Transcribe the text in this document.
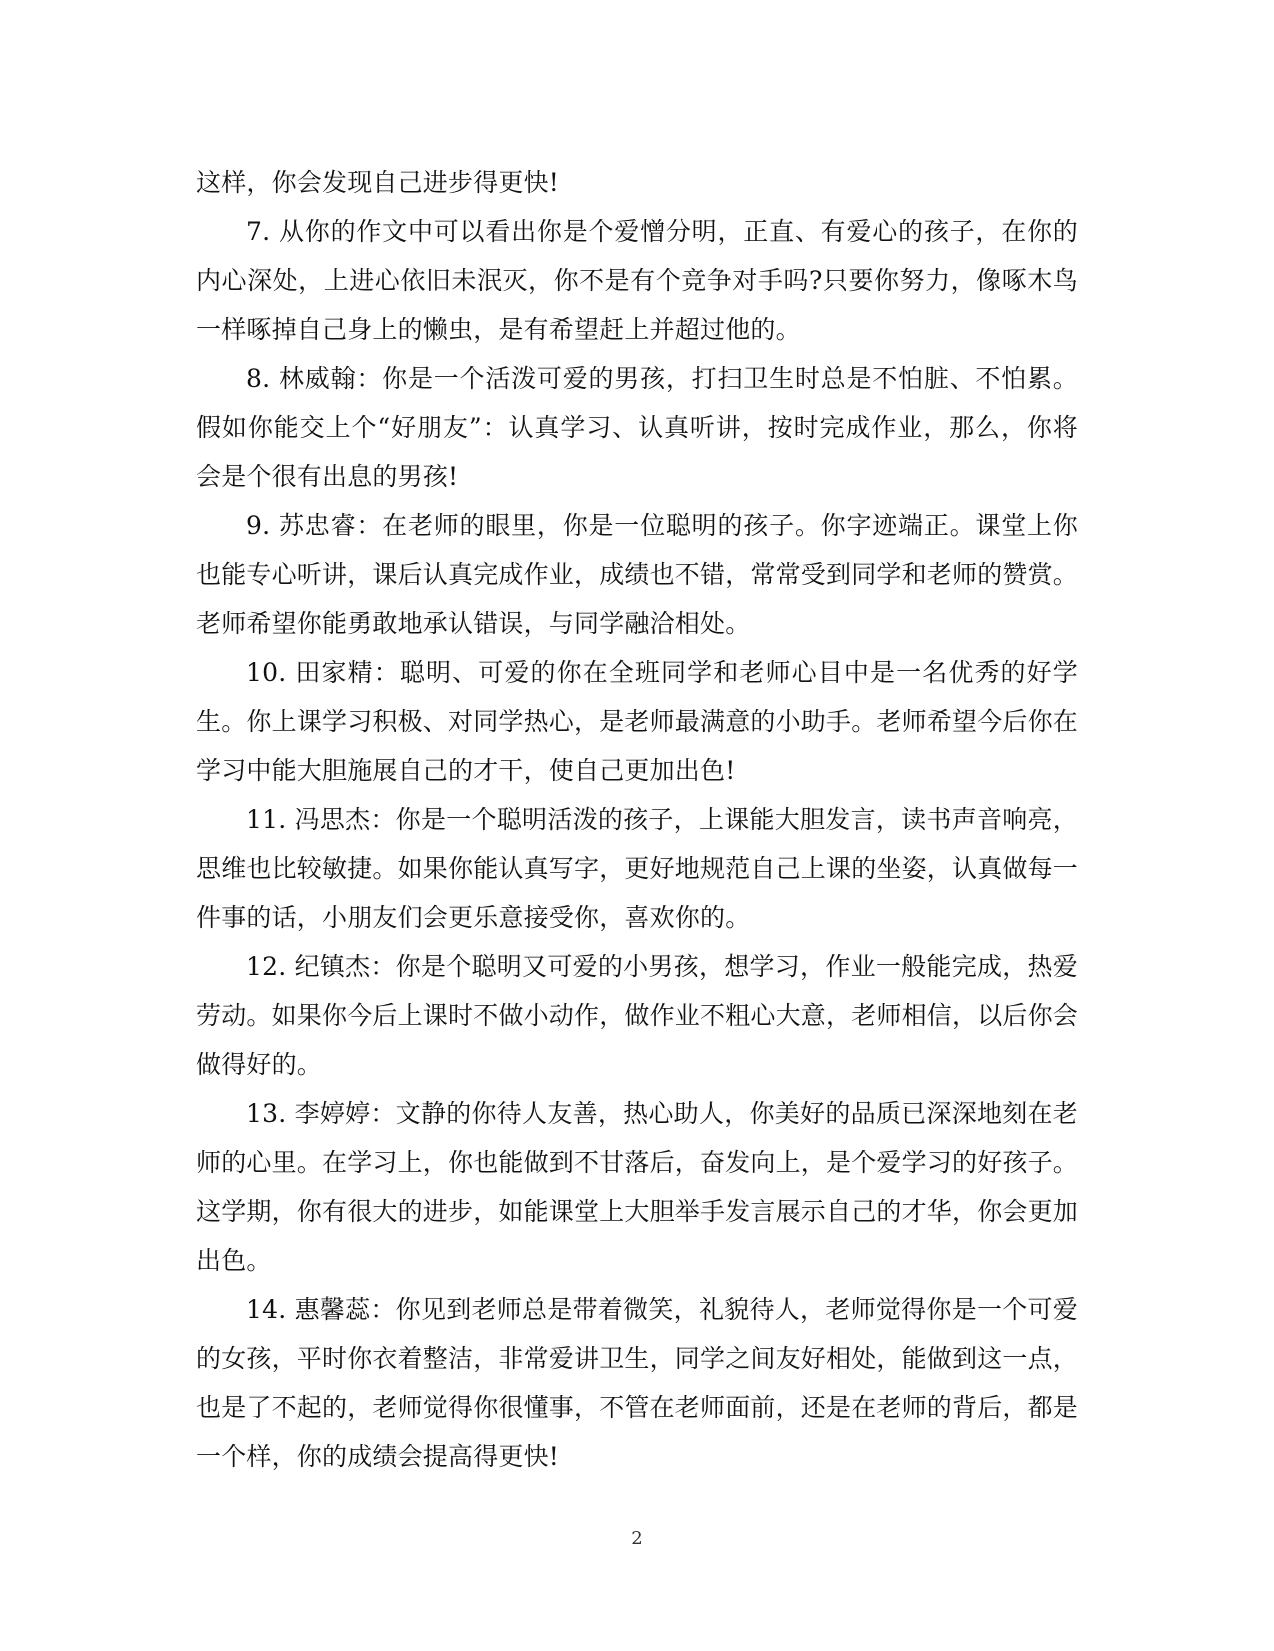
这样，你会发现自己进步得更快!

7. 从你的作文中可以看出你是个爱憎分明，正直、有爱心的孩子，在你的内心深处，上进心依旧未泯灭，你不是有个竞争对手吗?只要你努力，像啄木鸟一样啄掉自己身上的懒虫，是有希望赶上并超过他的。

8. 林威翰：你是一个活泼可爱的男孩，打扫卫生时总是不怕脏、不怕累。假如你能交上个“好朋友”：认真学习、认真听讲，按时完成作业，那么，你将会是个很有出息的男孩!

9. 苏忠睿：在老师的眼里，你是一位聪明的孩子。你字迹端正。课堂上你也能专心听讲，课后认真完成作业，成绩也不错，常常受到同学和老师的赞赏。老师希望你能勇敢地承认错误，与同学融洽相处。

10. 田家精：聪明、可爱的你在全班同学和老师心目中是一名优秀的好学生。你上课学习积极、对同学热心，是老师最满意的小助手。老师希望今后你在学习中能大胆施展自己的才干，使自己更加出色!

11. 冯思杰：你是一个聪明活泼的孩子，上课能大胆发言，读书声音响亮，思维也比较敏捷。如果你能认真写字，更好地规范自己上课的坐姿，认真做每一件事的话，小朋友们会更乐意接受你，喜欢你的。

12. 纪镇杰：你是个聪明又可爱的小男孩，想学习，作业一般能完成，热爱劳动。如果你今后上课时不做小动作，做作业不粗心大意，老师相信，以后你会做得好的。

13. 李婷婷：文静的你待人友善，热心助人，你美好的品质已深深地刻在老师的心里。在学习上，你也能做到不甘落后，奋发向上，是个爱学习的好孩子。这学期，你有很大的进步，如能课堂上大胆举手发言展示自己的才华，你会更加出色。

14. 惠馨蕊：你见到老师总是带着微笑，礼貌待人，老师觉得你是一个可爱的女孩，平时你衣着整洁，非常爱讲卫生，同学之间友好相处，能做到这一点，也是了不起的，老师觉得你很懂事，不管在老师面前，还是在老师的背后，都是一个样，你的成绩会提高得更快!

2
